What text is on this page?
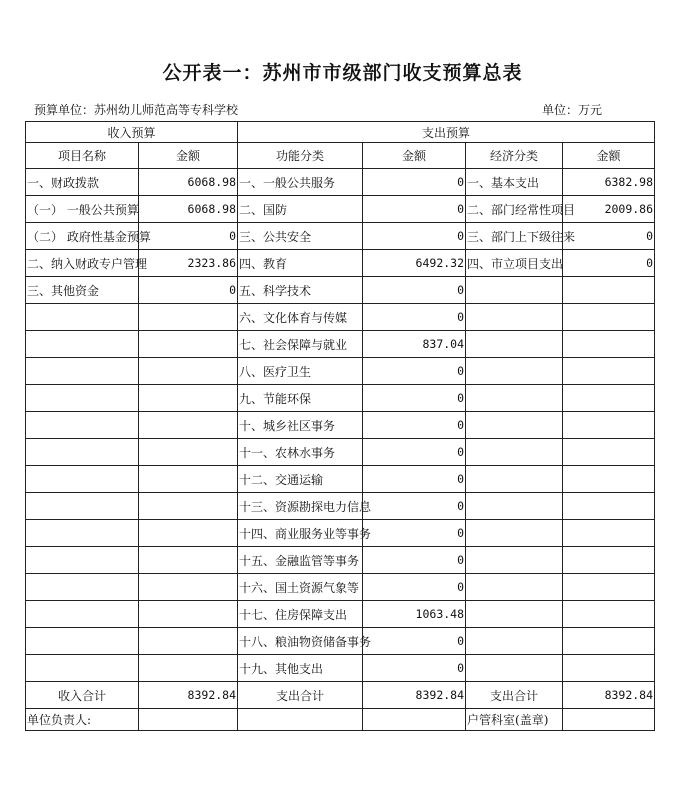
公开表一：苏州市市级部门收支预算总表
预算单位：苏州幼儿师范高等专科学校	单位：万元
收入预算		支出预算			
项目名称	金额	功能分类	金额	经济分类	金额
一、财政拨款	6068.98	一、一般公共服务	0	一、基本支出	6382.98
（一） 一般公共预算	6068.98	二、国防	0	二、部门经常性项目	2009.86
（二） 政府性基金预算	0	三、公共安全	0	三、部门上下级往来	0
二、纳入财政专户管理	2323.86	四、教育	6492.32	四、市立项目支出	0
三、其他资金	0	五、科学技术	0		
		六、文化体育与传媒	0		
		七、社会保障与就业	837.04		
		八、医疗卫生	0		
		九、节能环保	0		
		十、城乡社区事务	0		
		十一、农林水事务	0		
		十二、交通运输	0		
		十三、资源勘探电力信息	0		
		十四、商业服务业等事务	0		
		十五、金融监管等事务	0		
		十六、国土资源气象等	0		
		十七、住房保障支出	1063.48		
		十八、粮油物资储备事务	0		
		十九、其他支出	0		
收入合计	8392.84	支出合计	8392.84	支出合计	8392.84
单位负责人:				户管科室(盖章)	
